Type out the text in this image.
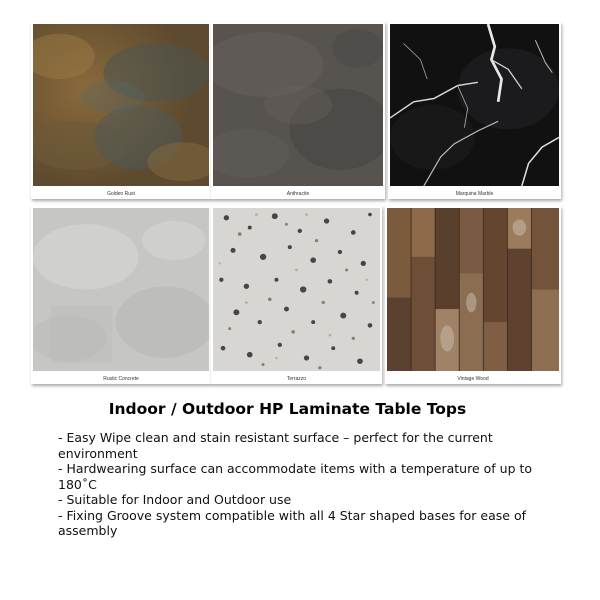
Golden Rust	Anthracite	Marquina Marble
Rustic Concrete	Terrazzo	Vintage Wood
Indoor / Outdoor HP Laminate Table Tops
- Easy Wipe clean and stain resistant surface – perfect for the current environment
- Hardwearing surface can accommodate items with a temperature of up to 180˚C
- Suitable for Indoor and Outdoor use
- Fixing Groove system compatible with all 4 Star shaped bases for ease of assembly
